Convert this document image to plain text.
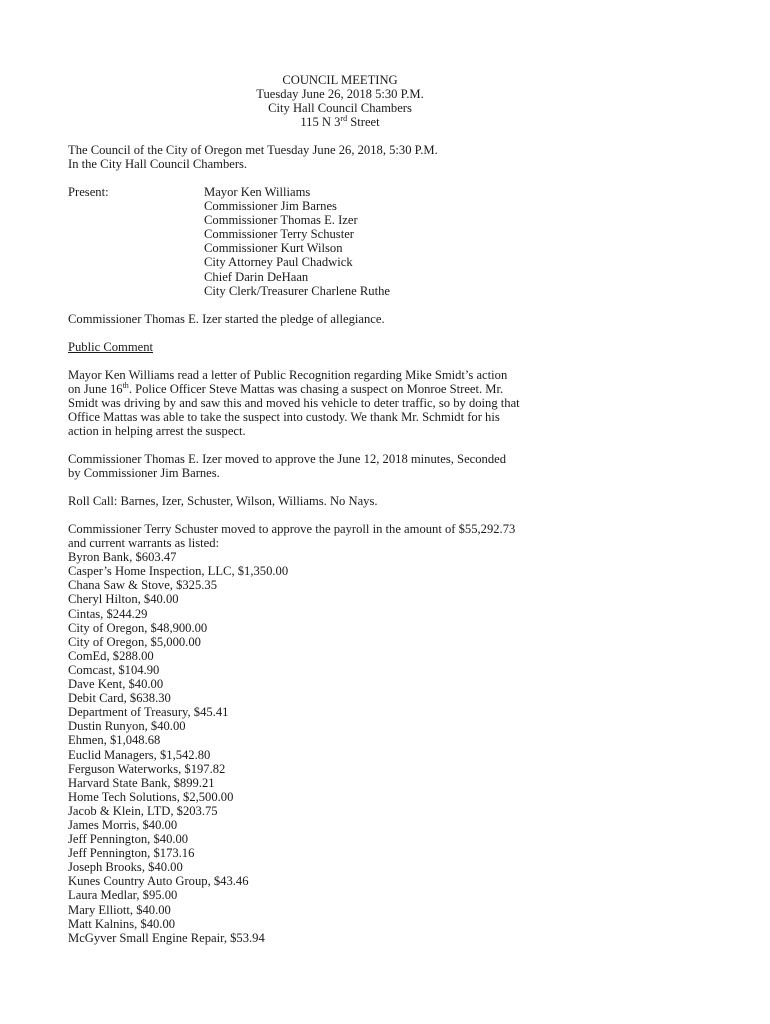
COUNCIL MEETING
Tuesday June 26, 2018 5:30 P.M.
City Hall Council Chambers
115 N 3rd Street
The Council of the City of Oregon met Tuesday June 26, 2018, 5:30 P.M.
In the City Hall Council Chambers.
Present:	Mayor Ken Williams
Commissioner Jim Barnes
Commissioner Thomas E. Izer
Commissioner Terry Schuster
Commissioner Kurt Wilson
City Attorney Paul Chadwick
Chief Darin DeHaan
City Clerk/Treasurer Charlene Ruthe
Commissioner Thomas E. Izer started the pledge of allegiance.
Public Comment
Mayor Ken Williams read a letter of Public Recognition regarding Mike Smidt’s action
on June 16th. Police Officer Steve Mattas was chasing a suspect on Monroe Street. Mr.
Smidt was driving by and saw this and moved his vehicle to deter traffic, so by doing that
Office Mattas was able to take the suspect into custody. We thank Mr. Schmidt for his
action in helping arrest the suspect.
Commissioner Thomas E. Izer moved to approve the June 12, 2018 minutes, Seconded
by Commissioner Jim Barnes.
Roll Call: Barnes, Izer, Schuster, Wilson, Williams. No Nays.
Commissioner Terry Schuster moved to approve the payroll in the amount of $55,292.73
and current warrants as listed:
Byron Bank, $603.47
Casper’s Home Inspection, LLC, $1,350.00
Chana Saw & Stove, $325.35
Cheryl Hilton, $40.00
Cintas, $244.29
City of Oregon, $48,900.00
City of Oregon, $5,000.00
ComEd, $288.00
Comcast, $104.90
Dave Kent, $40.00
Debit Card, $638.30
Department of Treasury, $45.41
Dustin Runyon, $40.00
Ehmen, $1,048.68
Euclid Managers, $1,542.80
Ferguson Waterworks, $197.82
Harvard State Bank, $899.21
Home Tech Solutions, $2,500.00
Jacob & Klein, LTD, $203.75
James Morris, $40.00
Jeff Pennington, $40.00
Jeff Pennington, $173.16
Joseph Brooks, $40.00
Kunes Country Auto Group, $43.46
Laura Medlar, $95.00
Mary Elliott, $40.00
Matt Kalnins, $40.00
McGyver Small Engine Repair, $53.94
